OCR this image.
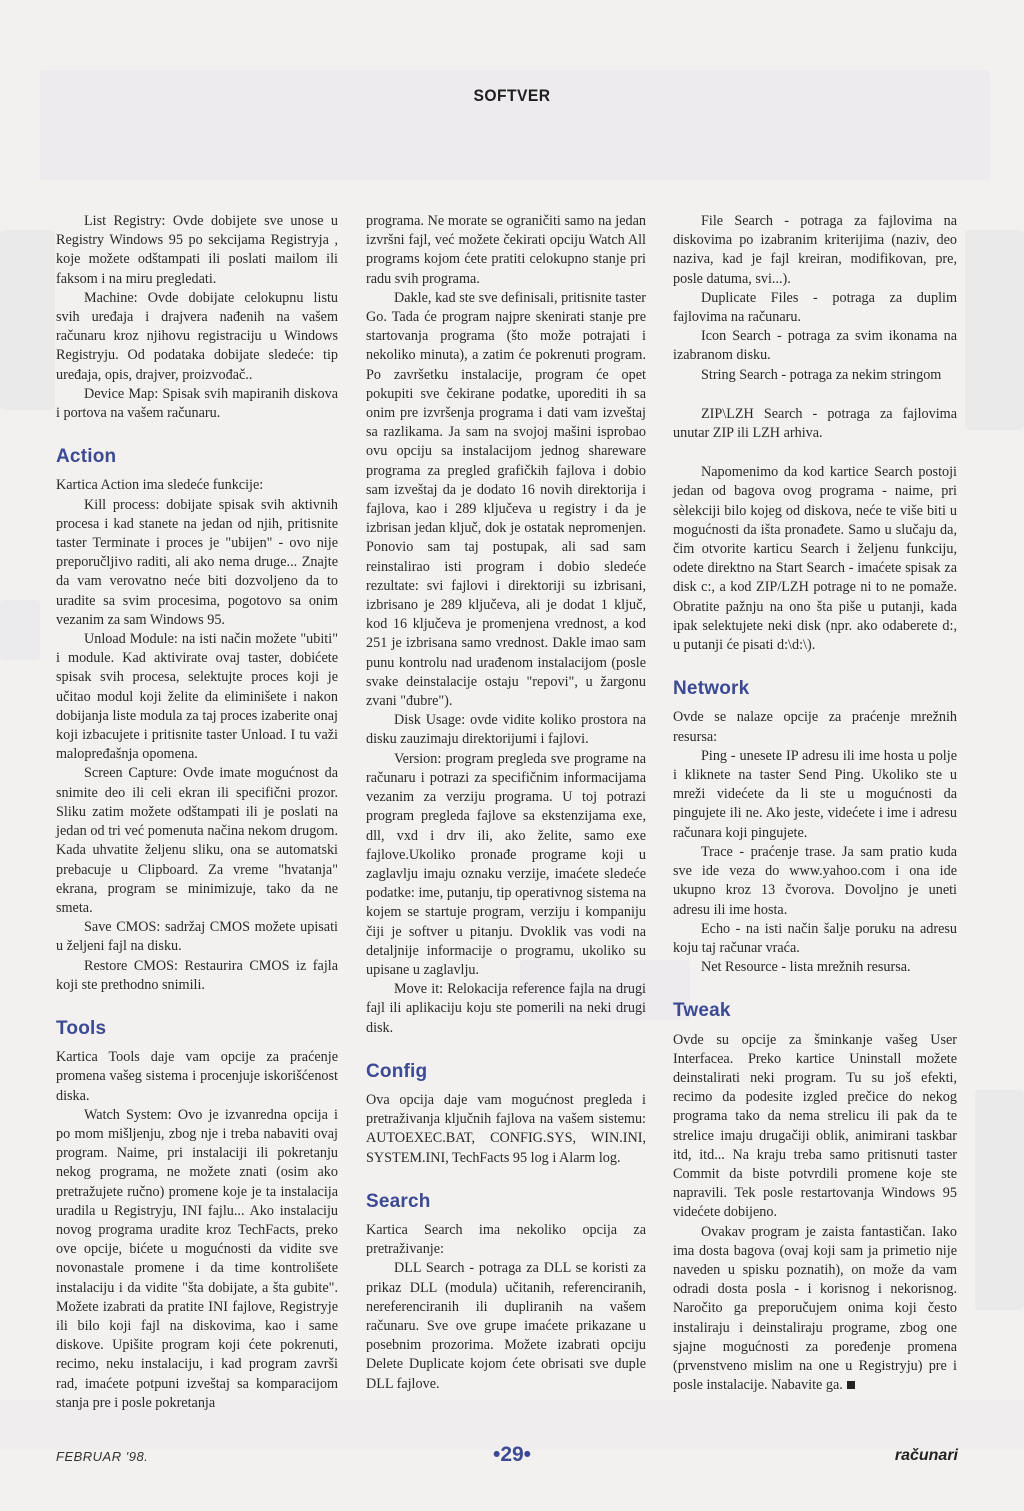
SOFTVER

List Registry: Ovde dobijete sve unose u Registry Windows 95 po sekcijama Registryja , koje možete odštampati ili poslati mailom ili faksom i na miru pregledati.

Machine: Ovde dobijate celokupnu listu svih uređaja i drajvera nađenih na vašem računaru kroz njihovu registraciju u Windows Registryju. Od podataka dobijate sledeće: tip uređaja, opis, drajver, proizvođač..

Device Map: Spisak svih mapiranih diskova i portova na vašem računaru.

Action

Kartica Action ima sledeće funkcije:

Kill process: dobijate spisak svih aktivnih procesa i kad stanete na jedan od njih, pritisnite taster Terminate i proces je "ubijen" - ovo nije preporučljivo raditi, ali ako nema druge... Znajte da vam verovatno neće biti dozvoljeno da to uradite sa svim procesima, pogotovo sa onim vezanim za sam Windows 95.

Unload Module: na isti način možete "ubiti" i module. Kad aktivirate ovaj taster, dobićete spisak svih procesa, selektujte proces koji je učitao modul koji želite da eliminišete i nakon dobijanja liste modula za taj proces izaberite onaj koji izbacujete i pritisnite taster Unload. I tu važi malopređašnja opomena.

Screen Capture: Ovde imate mogućnost da snimite deo ili celi ekran ili specifični prozor. Sliku zatim možete odštampati ili je poslati na jedan od tri već pomenuta načina nekom drugom. Kada uhvatite željenu sliku, ona se automatski prebacuje u Clipboard. Za vreme "hvatanja" ekrana, program se minimizuje, tako da ne smeta.

Save CMOS: sadržaj CMOS možete upisati u željeni fajl na disku.

Restore CMOS: Restaurira CMOS iz fajla koji ste prethodno snimili.

Tools

Kartica Tools daje vam opcije za praćenje promena vašeg sistema i procenjuje iskorišćenost diska.

Watch System: Ovo je izvanredna opcija i po mom mišljenju, zbog nje i treba nabaviti ovaj program. Naime, pri instalaciji ili pokretanju nekog programa, ne možete znati (osim ako pretražujete ručno) promene koje je ta instalacija uradila u Registryju, INI fajlu... Ako instalaciju novog programa uradite kroz TechFacts, preko ove opcije, bićete u mogućnosti da vidite sve novonastale promene i da time kontrolišete instalaciju i da vidite "šta dobijate, a šta gubite". Možete izabrati da pratite INI fajlove, Registryje ili bilo koji fajl na diskovima, kao i same diskove. Upišite program koji ćete pokrenuti, recimo, neku instalaciju, i kad program završi rad, imaćete potpuni izveštaj sa komparacijom stanja pre i posle pokretanja

programa. Ne morate se ograničiti samo na jedan izvršni fajl, već možete čekirati opciju Watch All programs kojom ćete pratiti celokupno stanje pri radu svih programa.

Dakle, kad ste sve definisali, pritisnite taster Go. Tada će program najpre skenirati stanje pre startovanja programa (što može potrajati i nekoliko minuta), a zatim će pokrenuti program. Po završetku instalacije, program će opet pokupiti sve čekirane podatke, uporediti ih sa onim pre izvršenja programa i dati vam izveštaj sa razlikama. Ja sam na svojoj mašini isprobao ovu opciju sa instalacijom jednog shareware programa za pregled grafičkih fajlova i dobio sam izveštaj da je dodato 16 novih direktorija i fajlova, kao i 289 ključeva u registry i da je izbrisan jedan ključ, dok je ostatak nepromenjen. Ponovio sam taj postupak, ali sad sam reinstalirao isti program i dobio sledeće rezultate: svi fajlovi i direktoriji su izbrisani, izbrisano je 289 ključeva, ali je dodat 1 ključ, kod 16 ključeva je promenjena vrednost, a kod 251 je izbrisana samo vrednost. Dakle imao sam punu kontrolu nad urađenom instalacijom (posle svake deinstalacije ostaju "repovi", u žargonu zvani "đubre").

Disk Usage: ovde vidite koliko prostora na disku zauzimaju direktorijumi i fajlovi.

Version: program pregleda sve programe na računaru i potrazi za specifičnim informacijama vezanim za verziju programa. U toj potrazi program pregleda fajlove sa ekstenzijama exe, dll, vxd i drv ili, ako želite, samo exe fajlove.Ukoliko pronađe programe koji u zaglavlju imaju oznaku verzije, imaćete sledeće podatke: ime, putanju, tip operativnog sistema na kojem se startuje program, verziju i kompaniju čiji je softver u pitanju. Dvoklik vas vodi na detaljnije informacije o programu, ukoliko su upisane u zaglavlju.

Move it: Relokacija reference fajla na drugi fajl ili aplikaciju koju ste pomerili na neki drugi disk.

Config

Ova opcija daje vam mogućnost pregleda i pretraživanja ključnih fajlova na vašem sistemu: AUTOEXEC.BAT, CONFIG.SYS, WIN.INI, SYSTEM.INI, TechFacts 95 log i Alarm log.

Search

Kartica Search ima nekoliko opcija za pretraživanje:

DLL Search - potraga za DLL se koristi za prikaz DLL (modula) učitanih, referenciranih, nereferenciranih ili dupliranih na vašem računaru. Sve ove grupe imaćete prikazane u posebnim prozorima. Možete izabrati opciju Delete Duplicate kojom ćete obrisati sve duple DLL fajlove.

File Search - potraga za fajlovima na diskovima po izabranim kriterijima (naziv, deo naziva, kad je fajl kreiran, modifikovan, pre, posle datuma, svi...).

Duplicate Files - potraga za duplim fajlovima na računaru.

Icon Search - potraga za svim ikonama na izabranom disku.

String Search - potraga za nekim stringom

ZIP\LZH Search - potraga za fajlovima unutar ZIP ili LZH arhiva.

Napomenimo da kod kartice Search postoji jedan od bagova ovog programa - naime, pri sèlekciji bilo kojeg od diskova, neće te više biti u mogućnosti da išta pronađete. Samo u slučaju da, čim otvorite karticu Search i željenu funkciju, odete direktno na Start Search - imaćete spisak za disk c:, a kod ZIP/LZH potrage ni to ne pomaže. Obratite pažnju na ono šta piše u putanji, kada ipak selektujete neki disk (npr. ako odaberete d:, u putanji će pisati d:\d:\).

Network

Ovde se nalaze opcije za praćenje mrežnih resursa:

Ping - unesete IP adresu ili ime hosta u polje i kliknete na taster Send Ping. Ukoliko ste u mreži videćete da li ste u mogućnosti da pingujete ili ne. Ako jeste, videćete i ime i adresu računara koji pingujete.

Trace - praćenje trase. Ja sam pratio kuda sve ide veza do www.yahoo.com i ona ide ukupno kroz 13 čvorova. Dovoljno je uneti adresu ili ime hosta.

Echo - na isti način šalje poruku na adresu koju taj računar vraća.

Net Resource - lista mrežnih resursa.

Tweak

Ovde su opcije za šminkanje vašeg User Interfacea. Preko kartice Uninstall možete deinstalirati neki program. Tu su još efekti, recimo da podesite izgled prečice do nekog programa tako da nema strelicu ili pak da te strelice imaju drugačiji oblik, animirani taskbar itd, itd... Na kraju treba samo pritisnuti taster Commit da biste potvrdili promene koje ste napravili. Tek posle restartovanja Windows 95 videćete dobijeno.

Ovakav program je zaista fantastičan. Iako ima dosta bagova (ovaj koji sam ja primetio nije naveden u spisku poznatih), on može da vam odradi dosta posla - i korisnog i nekorisnog. Naročito ga preporučujem onima koji često instaliraju i deinstaliraju programe, zbog one sjajne mogućnosti za poređenje promena (prvenstveno mislim na one u Registryju) pre i posle instalacije. Nabavite ga.

FEBRUAR '98.	•29•	računari
